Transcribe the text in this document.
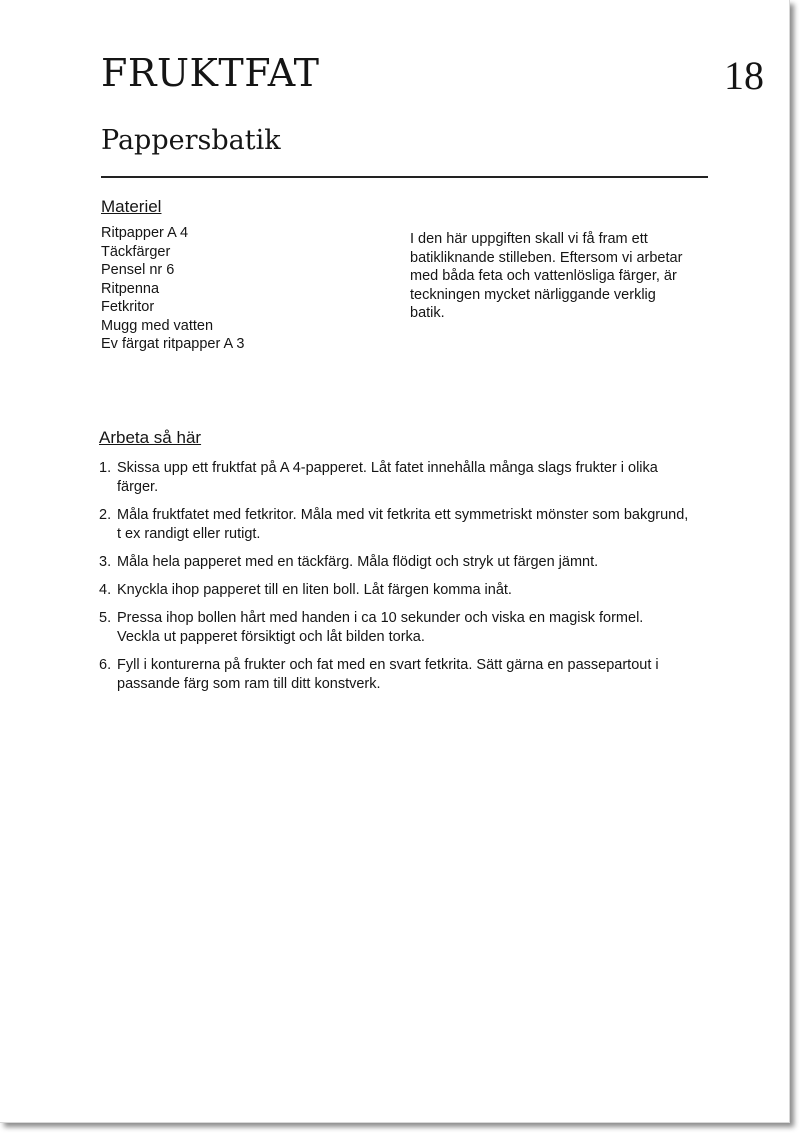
FRUKTFAT	18
Pappersbatik
Materiel
Ritpapper A 4
Täckfärger
Pensel nr 6
Ritpenna
Fetkritor
Mugg med vatten
Ev färgat ritpapper A 3

I den här uppgiften skall vi få fram ett
batikliknande stilleben. Eftersom vi arbetar
med båda feta och vattenlösliga färger, är
teckningen mycket närliggande verklig
batik.

Arbeta så här
1. Skissa upp ett fruktfat på A 4-papperet. Låt fatet innehålla många slags frukter i olika
färger.
2. Måla fruktfatet med fetkritor. Måla med vit fetkrita ett symmetriskt mönster som bakgrund,
t ex randigt eller rutigt.
3. Måla hela papperet med en täckfärg. Måla flödigt och stryk ut färgen jämnt.
4. Knyckla ihop papperet till en liten boll. Låt färgen komma inåt.
5. Pressa ihop bollen hårt med handen i ca 10 sekunder och viska en magisk formel.
Veckla ut papperet försiktigt och låt bilden torka.
6. Fyll i konturerna på frukter och fat med en svart fetkrita. Sätt gärna en passepartout i
passande färg som ram till ditt konstverk.
